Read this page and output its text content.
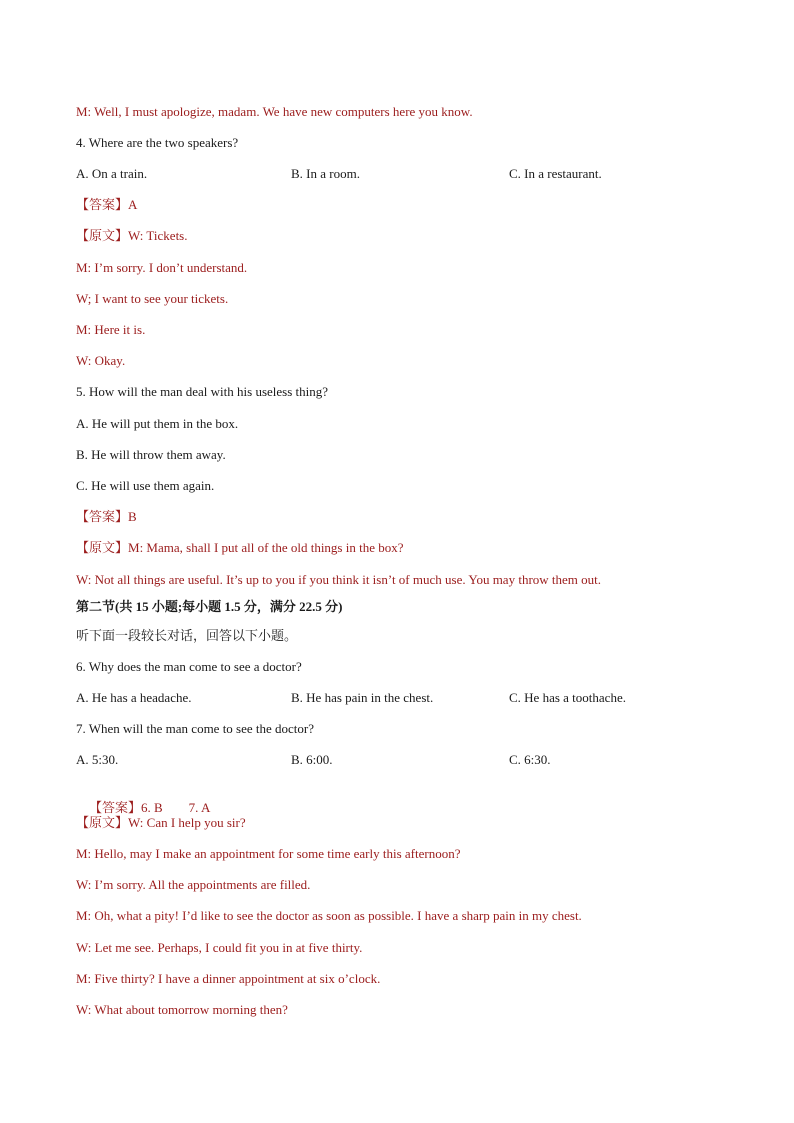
M: Well, I must apologize, madam. We have new computers here you know.
4. Where are the two speakers?
A. On a train.	B. In a room.	C. In a restaurant.
【答案】A
【原文】W: Tickets.
M: I’m sorry. I don’t understand.
W; I want to see your tickets.
M: Here it is.
W: Okay.
5. How will the man deal with his useless thing?
A. He will put them in the box.
B. He will throw them away.
C. He will use them again.
【答案】B
【原文】M: Mama, shall I put all of the old things in the box?
W: Not all things are useful. It’s up to you if you think it isn’t of much use. You may throw them out.
第二节(共 15 小题;每小题 1.5 分，满分 22.5 分)
听下面一段较长对话，回答以下小题。
6. Why does the man come to see a doctor?
A. He has a headache.	B. He has pain in the chest.	C. He has a toothache.
7. When will the man come to see the doctor?
A. 5:30.	B. 6:00.	C. 6:30.

【答案】6. B        7. A

【原文】W: Can I help you sir?
M: Hello, may I make an appointment for some time early this afternoon?
W: I’m sorry. All the appointments are filled.
M: Oh, what a pity! I’d like to see the doctor as soon as possible. I have a sharp pain in my chest.
W: Let me see. Perhaps, I could fit you in at five thirty.
M: Five thirty? I have a dinner appointment at six o’clock.
W: What about tomorrow morning then?
